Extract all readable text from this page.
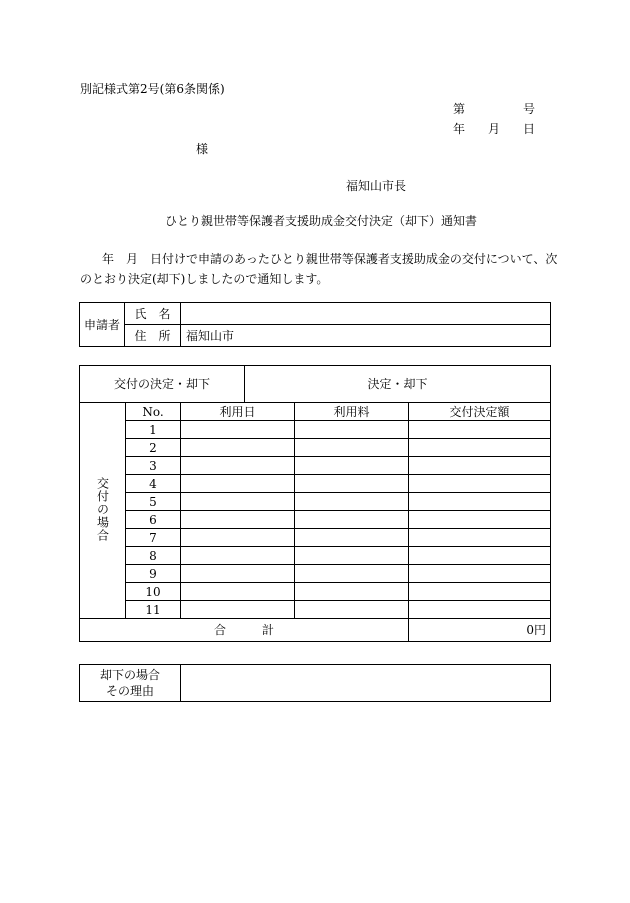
別記様式第2号(第6条関係)
第	号
年 月 日
様
福知山市長
ひとり親世帯等保護者支援助成金交付決定（却下）通知書
年　月　日付けで申請のあったひとり親世帯等保護者支援助成金の交付について、次
のとおり決定(却下)しましたので通知します。
申請者	氏　名	
	住　所	福知山市
交付の決定・却下			決定・却下		
交付の場合	No.	利用日		利用料	交付決定額
	1				
	2				
	3				
	4				
	5				
	6				
	7				
	8				
	9				
	10				
	11				
合　　　計					0円
却下の場合
その理由
